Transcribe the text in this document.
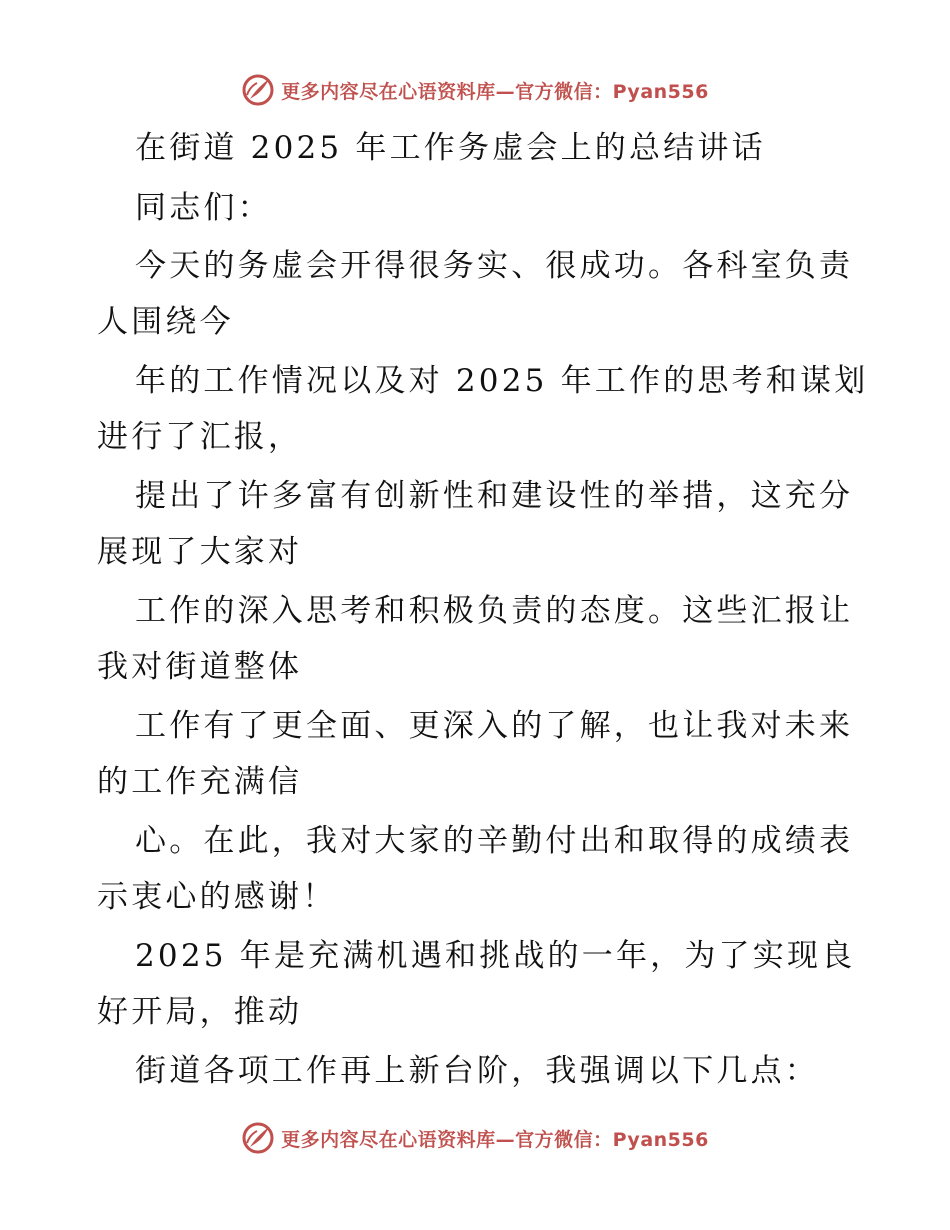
更多内容尽在心语资料库—官方微信：Pyan556
在街道 2025 年工作务虚会上的总结讲话
同志们：
今天的务虚会开得很务实、很成功。各科室负责
人围绕今
年的工作情况以及对 2025 年工作的思考和谋划
进行了汇报，
提出了许多富有创新性和建设性的举措，这充分
展现了大家对
工作的深入思考和积极负责的态度。这些汇报让
我对街道整体
工作有了更全面、更深入的了解，也让我对未来
的工作充满信
心。在此，我对大家的辛勤付出和取得的成绩表
示衷心的感谢！
2025 年是充满机遇和挑战的一年，为了实现良
好开局，推动
街道各项工作再上新台阶，我强调以下几点：
更多内容尽在心语资料库—官方微信：Pyan556
